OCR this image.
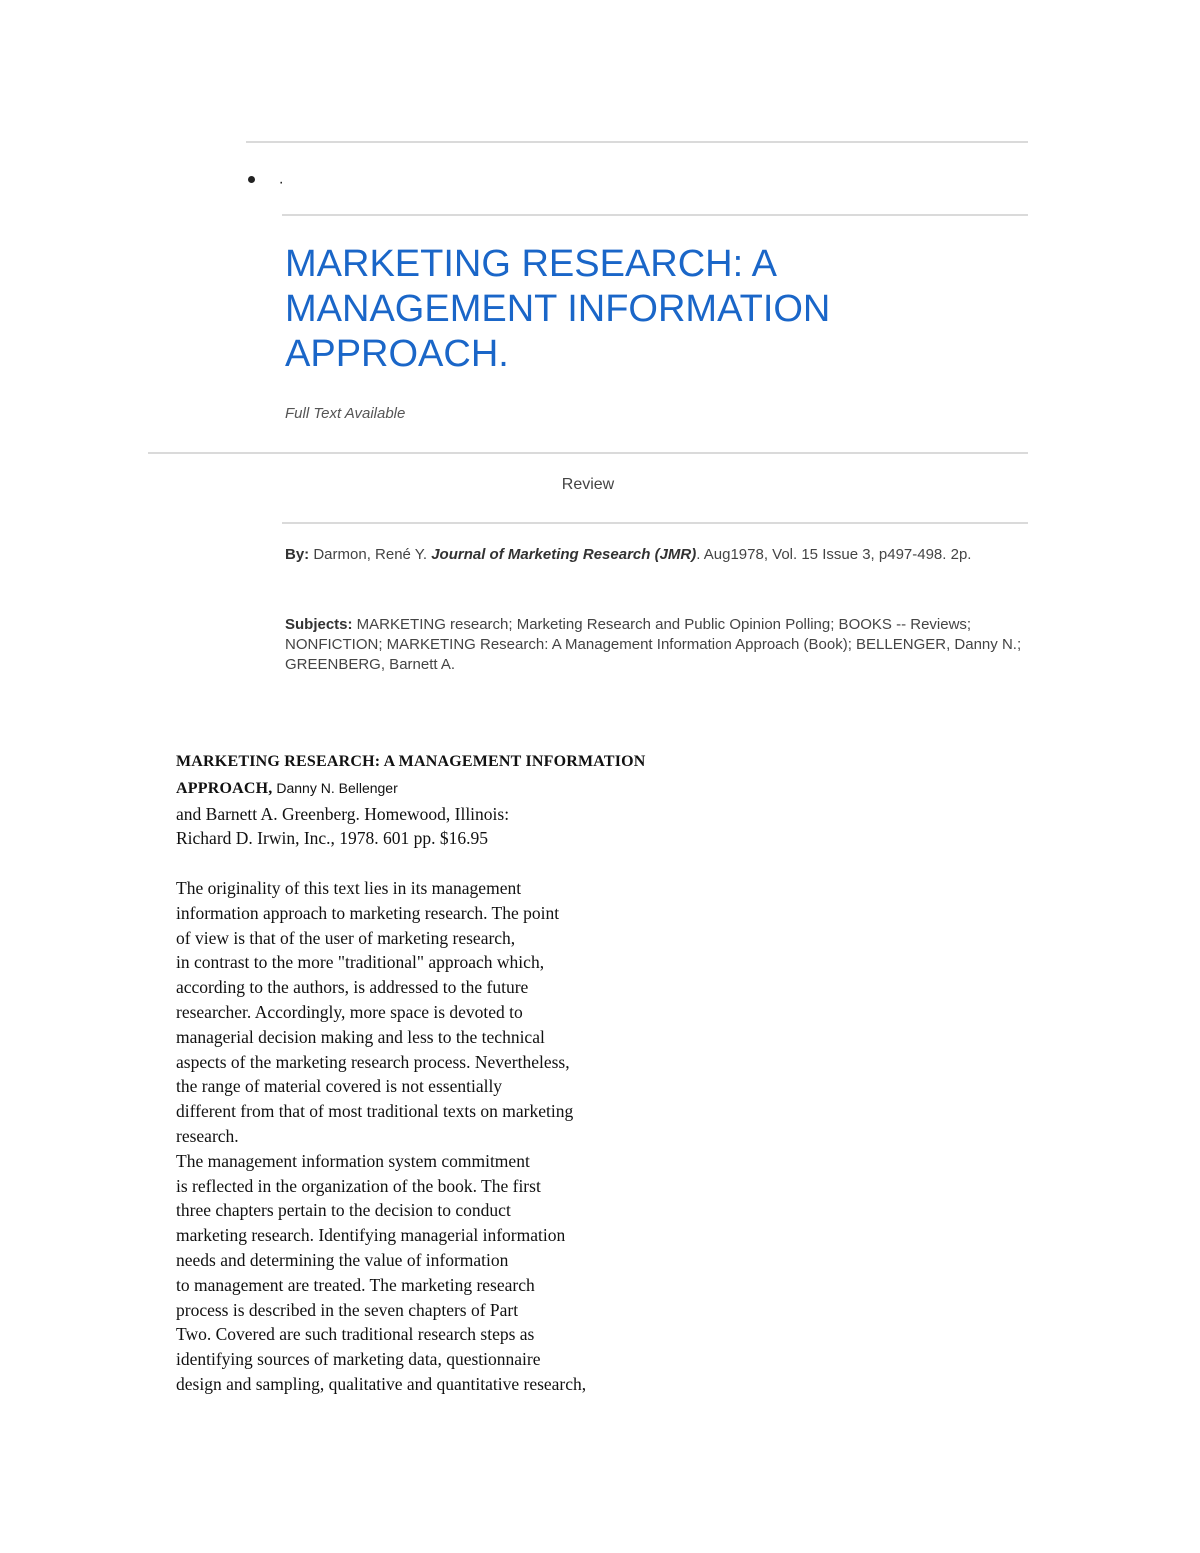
.
MARKETING RESEARCH: A MANAGEMENT INFORMATION APPROACH.
Full Text Available
Review
By: Darmon, René Y. Journal of Marketing Research (JMR). Aug1978, Vol. 15 Issue 3, p497-498. 2p.
Subjects: MARKETING research; Marketing Research and Public Opinion Polling; BOOKS -- Reviews; NONFICTION; MARKETING Research: A Management Information Approach (Book); BELLENGER, Danny N.; GREENBERG, Barnett A.
MARKETING RESEARCH: A MANAGEMENT INFORMATION
APPROACH, Danny N. Bellenger
and Barnett A. Greenberg. Homewood, Illinois:
Richard D. Irwin, Inc., 1978. 601 pp. $16.95
The originality of this text lies in its management
information approach to marketing research. The point
of view is that of the user of marketing research,
in contrast to the more "traditional" approach which,
according to the authors, is addressed to the future
researcher. Accordingly, more space is devoted to
managerial decision making and less to the technical
aspects of the marketing research process. Nevertheless,
the range of material covered is not essentially
different from that of most traditional texts on marketing
research.
The management information system commitment
is reflected in the organization of the book. The first
three chapters pertain to the decision to conduct
marketing research. Identifying managerial information
needs and determining the value of information
to management are treated. The marketing research
process is described in the seven chapters of Part
Two. Covered are such traditional research steps as
identifying sources of marketing data, questionnaire
design and sampling, qualitative and quantitative research,
